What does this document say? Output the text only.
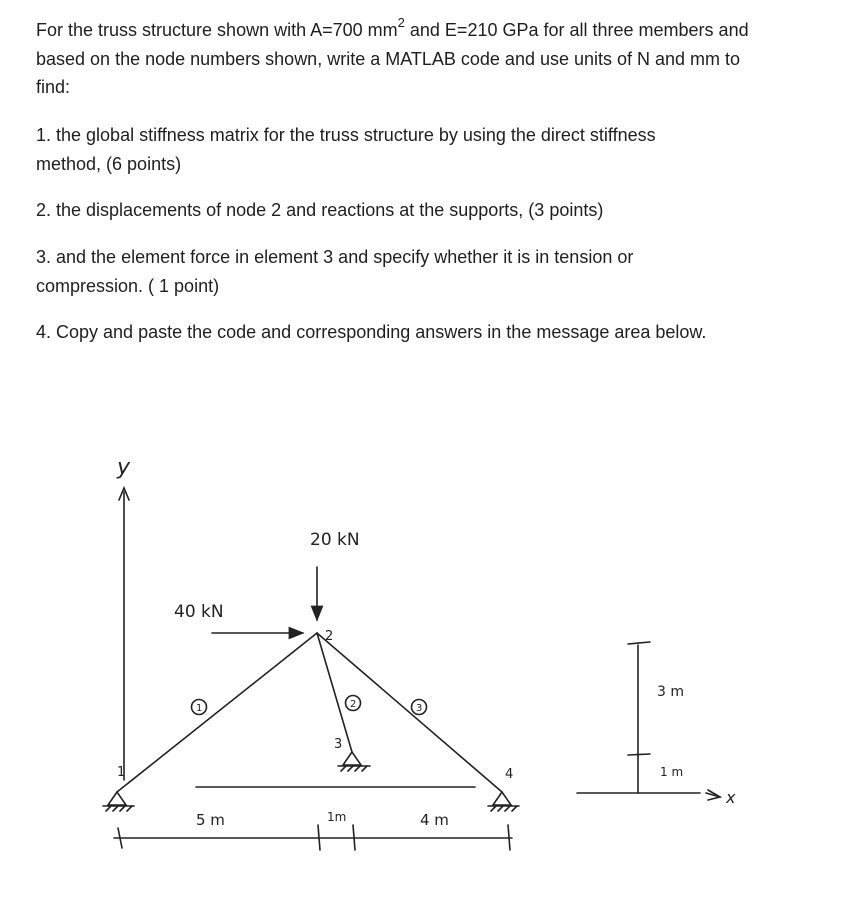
For the truss structure shown with A=700 $mm^2$ and E=210 GPa for all three members and based on the node numbers shown, write a MATLAB code and use units of N and mm to find:
1. the global stiffness matrix for the truss structure by using the direct stiffness method, (6 points)
2. the displacements of node 2 and reactions at the supports, (3 points)
3. and the element force in element 3 and specify whether it is in tension or compression. ( 1 point)
4. Copy and paste the code and corresponding answers in the message area below.
y
20 kN
40 kN
1
2
3
4
1	2	3
5 m	1m	4 m
3 m
1 m
x
